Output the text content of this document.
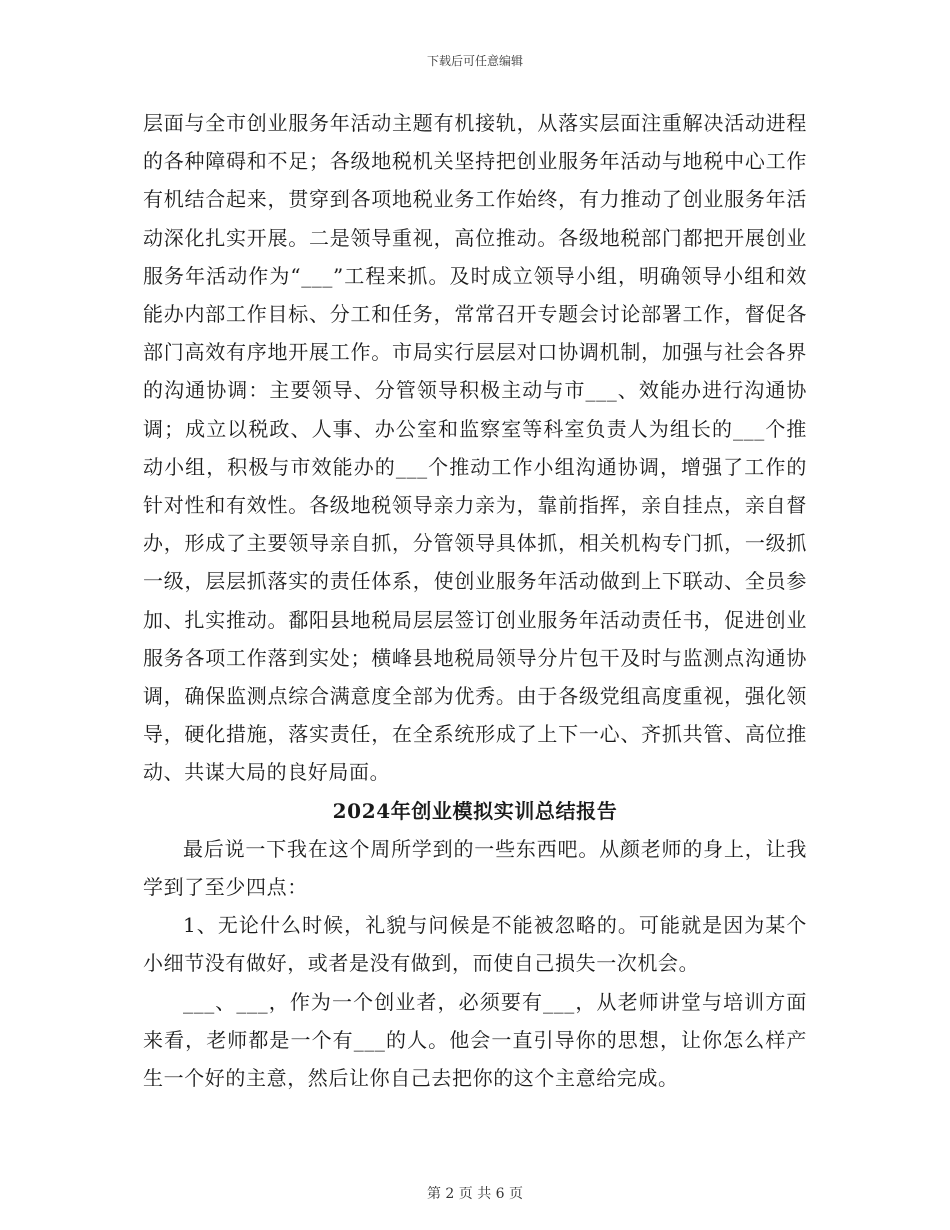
下载后可任意编辑

层面与全市创业服务年活动主题有机接轨，从落实层面注重解决活动进程的各种障碍和不足；各级地税机关坚持把创业服务年活动与地税中心工作有机结合起来，贯穿到各项地税业务工作始终，有力推动了创业服务年活动深化扎实开展。二是领导重视，高位推动。各级地税部门都把开展创业服务年活动作为“___”工程来抓。及时成立领导小组，明确领导小组和效能办内部工作目标、分工和任务，常常召开专题会讨论部署工作，督促各部门高效有序地开展工作。市局实行层层对口协调机制，加强与社会各界的沟通协调：主要领导、分管领导积极主动与市___、效能办进行沟通协调；成立以税政、人事、办公室和监察室等科室负责人为组长的___个推动小组，积极与市效能办的___个推动工作小组沟通协调，增强了工作的针对性和有效性。各级地税领导亲力亲为，靠前指挥，亲自挂点，亲自督办，形成了主要领导亲自抓，分管领导具体抓，相关机构专门抓，一级抓一级，层层抓落实的责任体系，使创业服务年活动做到上下联动、全员参加、扎实推动。鄱阳县地税局层层签订创业服务年活动责任书，促进创业服务各项工作落到实处；横峰县地税局领导分片包干及时与监测点沟通协调，确保监测点综合满意度全部为优秀。由于各级党组高度重视，强化领导，硬化措施，落实责任，在全系统形成了上下一心、齐抓共管、高位推动、共谋大局的良好局面。

2024年创业模拟实训总结报告

最后说一下我在这个周所学到的一些东西吧。从颜老师的身上，让我学到了至少四点：

1、无论什么时候，礼貌与问候是不能被忽略的。可能就是因为某个小细节没有做好，或者是没有做到，而使自己损失一次机会。

___、___，作为一个创业者，必须要有___，从老师讲堂与培训方面来看，老师都是一个有___的人。他会一直引导你的思想，让你怎么样产生一个好的主意，然后让你自己去把你的这个主意给完成。

第 2 页 共 6 页
